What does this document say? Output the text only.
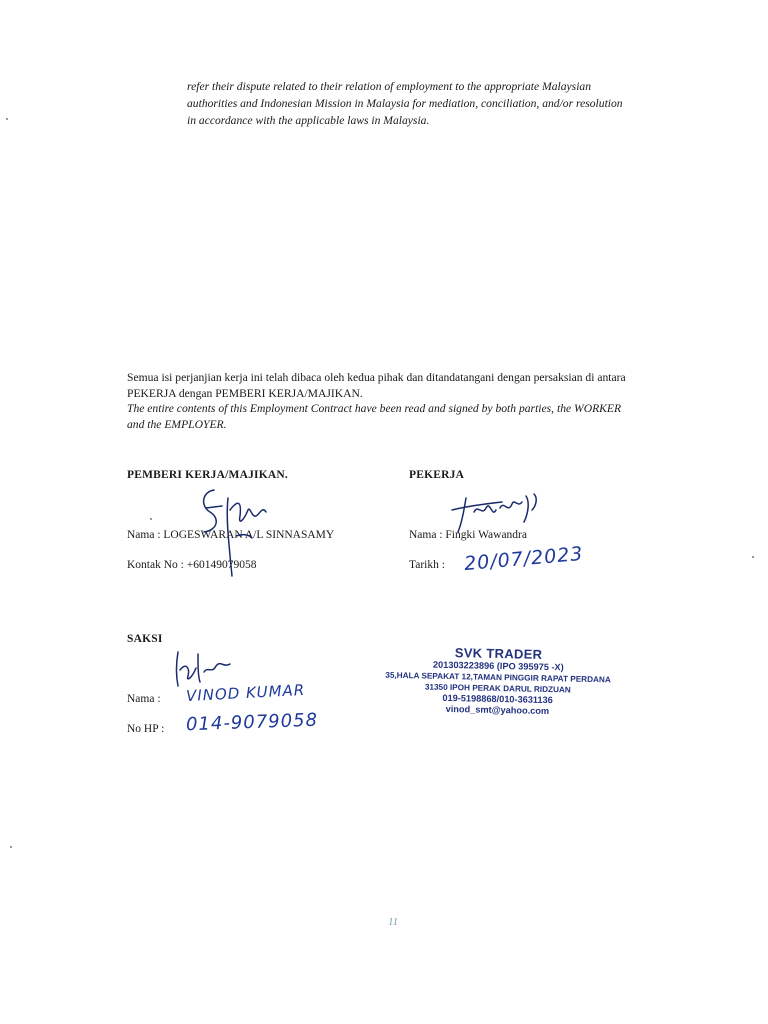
refer their dispute related to their relation of employment to the appropriate Malaysian
authorities and Indonesian Mission in Malaysia for mediation, conciliation, and/or resolution
in accordance with the applicable laws in Malaysia.
Semua isi perjanjian kerja ini telah dibaca oleh kedua pihak dan ditandatangani dengan persaksian di antara
PEKERJA dengan PEMBERI KERJA/MAJIKAN.
The entire contents of this Employment Contract have been read and signed by both parties, the WORKER
and the EMPLOYER.
PEMBERI KERJA/MAJIKAN.
Nama : LOGESWARAN A/L SINNASAMY
Kontak No : +60149079058
PEKERJA
Nama : Fingki Wawandra
Tarikh : 20/07/2023
SAKSI
Nama : VINOD KUMAR
No HP : 014-9079058
SVK TRADER
201303223896 (IPO 395975 -X)
35,HALA SEPAKAT 12,TAMAN PINGGIR RAPAT PERDANA
31350 IPOH PERAK DARUL RIDZUAN
019-5198868/010-3631136
vinod_smt@yahoo.com
11
